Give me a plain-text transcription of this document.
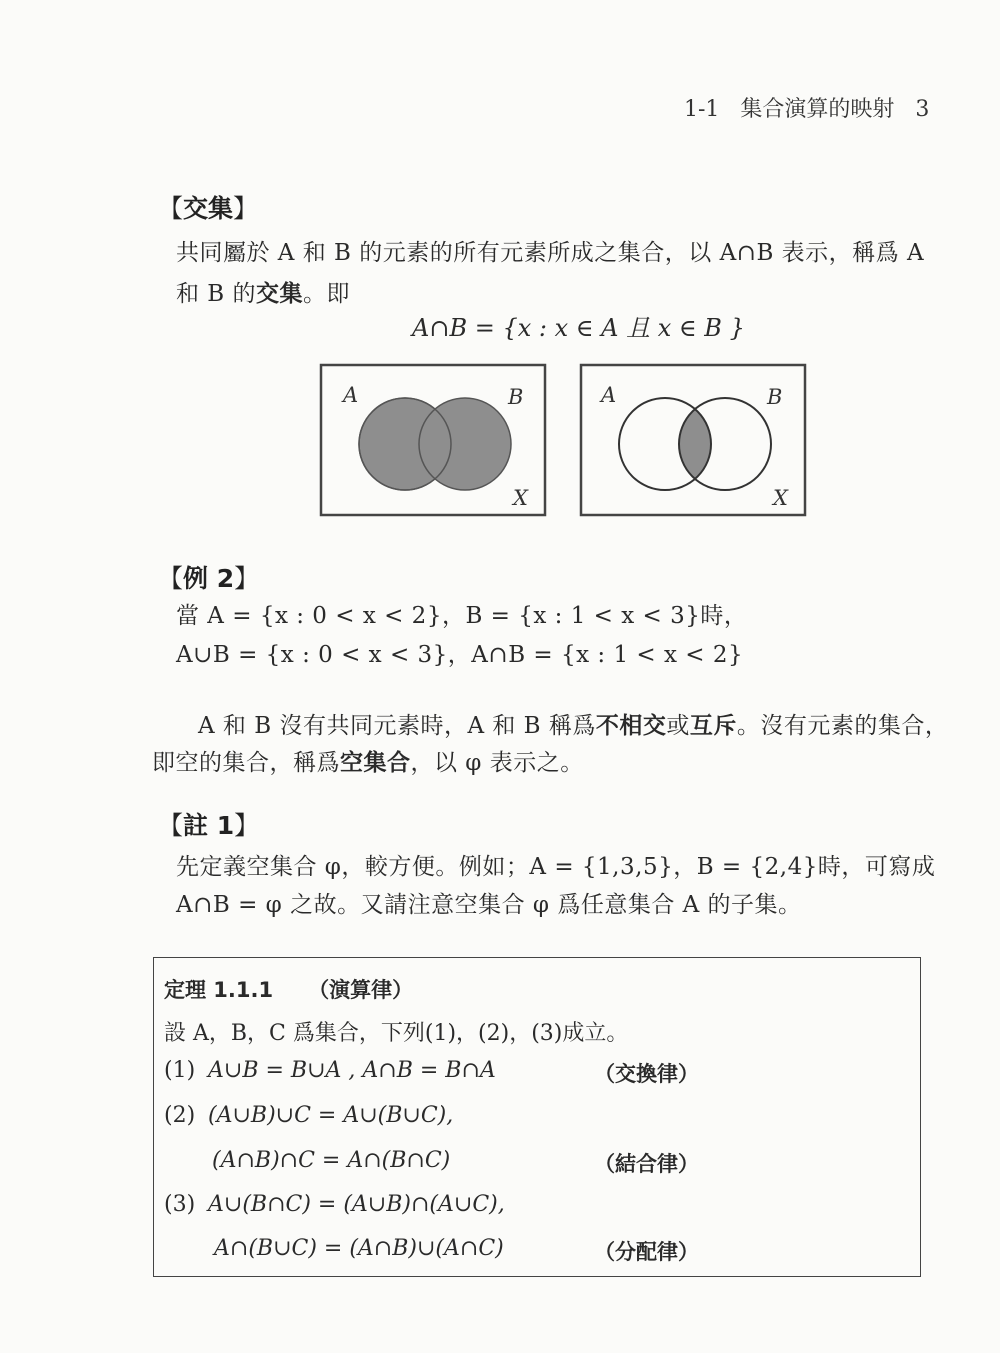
1-1 集合演算的映射 3
【交集】
共同屬於 A 和 B 的元素的所有元素所成之集合，以 A∩B 表示，稱爲 A
和 B 的交集。即
A∩B = {x : x ∈ A 且 x ∈ B }
A	B
X
A	B
X
【例 2】
當 A = {x : 0 < x < 2}，B = {x : 1 < x < 3}時，
A∪B = {x : 0 < x < 3}，A∩B = {x : 1 < x < 2}
A 和 B 沒有共同元素時，A 和 B 稱爲不相交或互斥。沒有元素的集合，
即空的集合，稱爲空集合，以 φ 表示之。
【註 1】
先定義空集合 φ，較方便。例如；A = {1,3,5}，B = {2,4}時，可寫成
A∩B = φ 之故。又請注意空集合 φ 爲任意集合 A 的子集。
定理 1.1.1 （演算律）
設 A，B，C 爲集合，下列(1)，(2)，(3)成立。
(1) A∪B = B∪A , A∩B = B∩A	（交換律）
(2) (A∪B)∪C = A∪(B∪C),
(A∩B)∩C = A∩(B∩C)	（結合律）
(3) A∪(B∩C) = (A∪B)∩(A∪C),
A∩(B∪C) = (A∩B)∪(A∩C)	（分配律）
